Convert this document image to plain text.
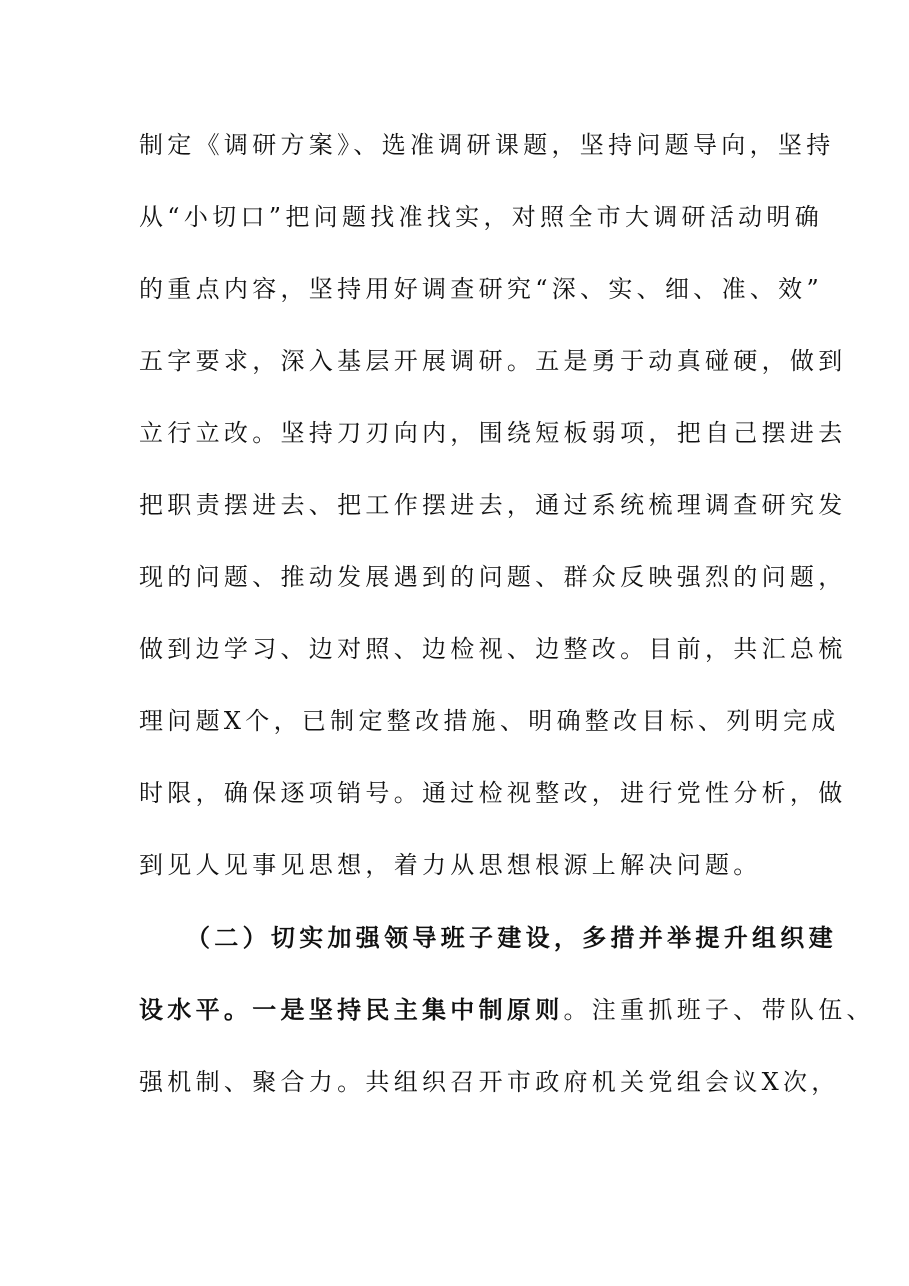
制定《调研方案》、选准调研课题，坚持问题导向，坚持
从“小切口”把问题找准找实，对照全市大调研活动明确
的重点内容，坚持用好调查研究“深、实、细、准、效”
五字要求，深入基层开展调研。五是勇于动真碰硬，做到
立行立改。坚持刀刃向内，围绕短板弱项，把自己摆进去
把职责摆进去、把工作摆进去，通过系统梳理调查研究发
现的问题、推动发展遇到的问题、群众反映强烈的问题，
做到边学习、边对照、边检视、边整改。目前，共汇总梳
理问题X个，已制定整改措施、明确整改目标、列明完成
时限，确保逐项销号。通过检视整改，进行党性分析，做
到见人见事见思想，着力从思想根源上解决问题。
（二）切实加强领导班子建设，多措并举提升组织建
设水平。一是坚持民主集中制原则。注重抓班子、带队伍、
强机制、聚合力。共组织召开市政府机关党组会议X次，
